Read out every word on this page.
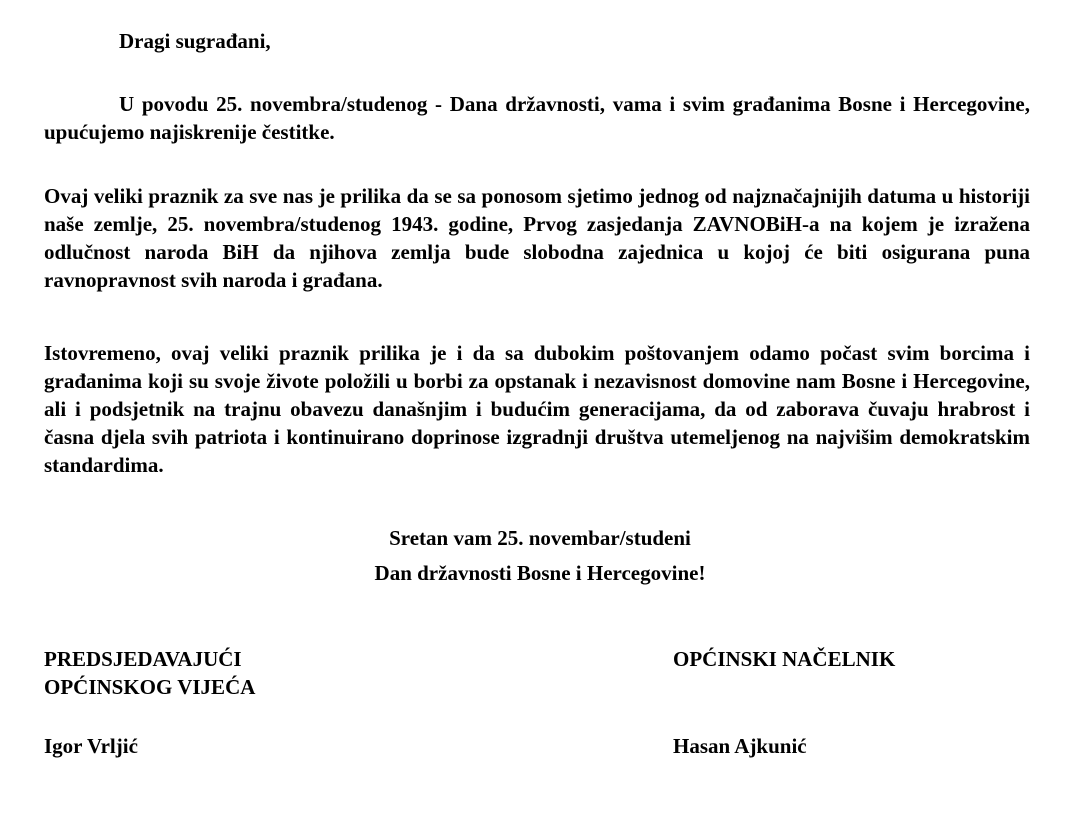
Dragi sugrađani,

U povodu 25. novembra/studenog - Dana državnosti, vama i svim građanima Bosne i Hercegovine, upućujemo najiskrenije čestitke.

Ovaj veliki praznik za sve nas je prilika da se sa ponosom sjetimo jednog od najznačajnijih datuma u historiji naše zemlje, 25. novembra/studenog 1943. godine, Prvog zasjedanja ZAVNOBiH-a na kojem je izražena odlučnost naroda BiH da njihova zemlja bude slobodna zajednica u kojoj će biti osigurana puna ravnopravnost svih naroda i građana.

Istovremeno, ovaj veliki praznik prilika je i da sa dubokim poštovanjem odamo počast svim borcima i građanima koji su svoje živote položili u borbi za opstanak i nezavisnost domovine nam Bosne i Hercegovine, ali i podsjetnik na trajnu obavezu današnjim i budućim generacijama, da od zaborava čuvaju hrabrost i časna djela svih patriota i kontinuirano doprinose izgradnji društva utemeljenog na najvišim demokratskim standardima.

Sretan vam 25. novembar/studeni
Dan državnosti Bosne i Hercegovine!
PREDSJEDAVAJUĆI
OPĆINSKOG VIJEĆA
OPĆINSKI NAČELNIK
Igor Vrljić	Hasan Ajkunić
